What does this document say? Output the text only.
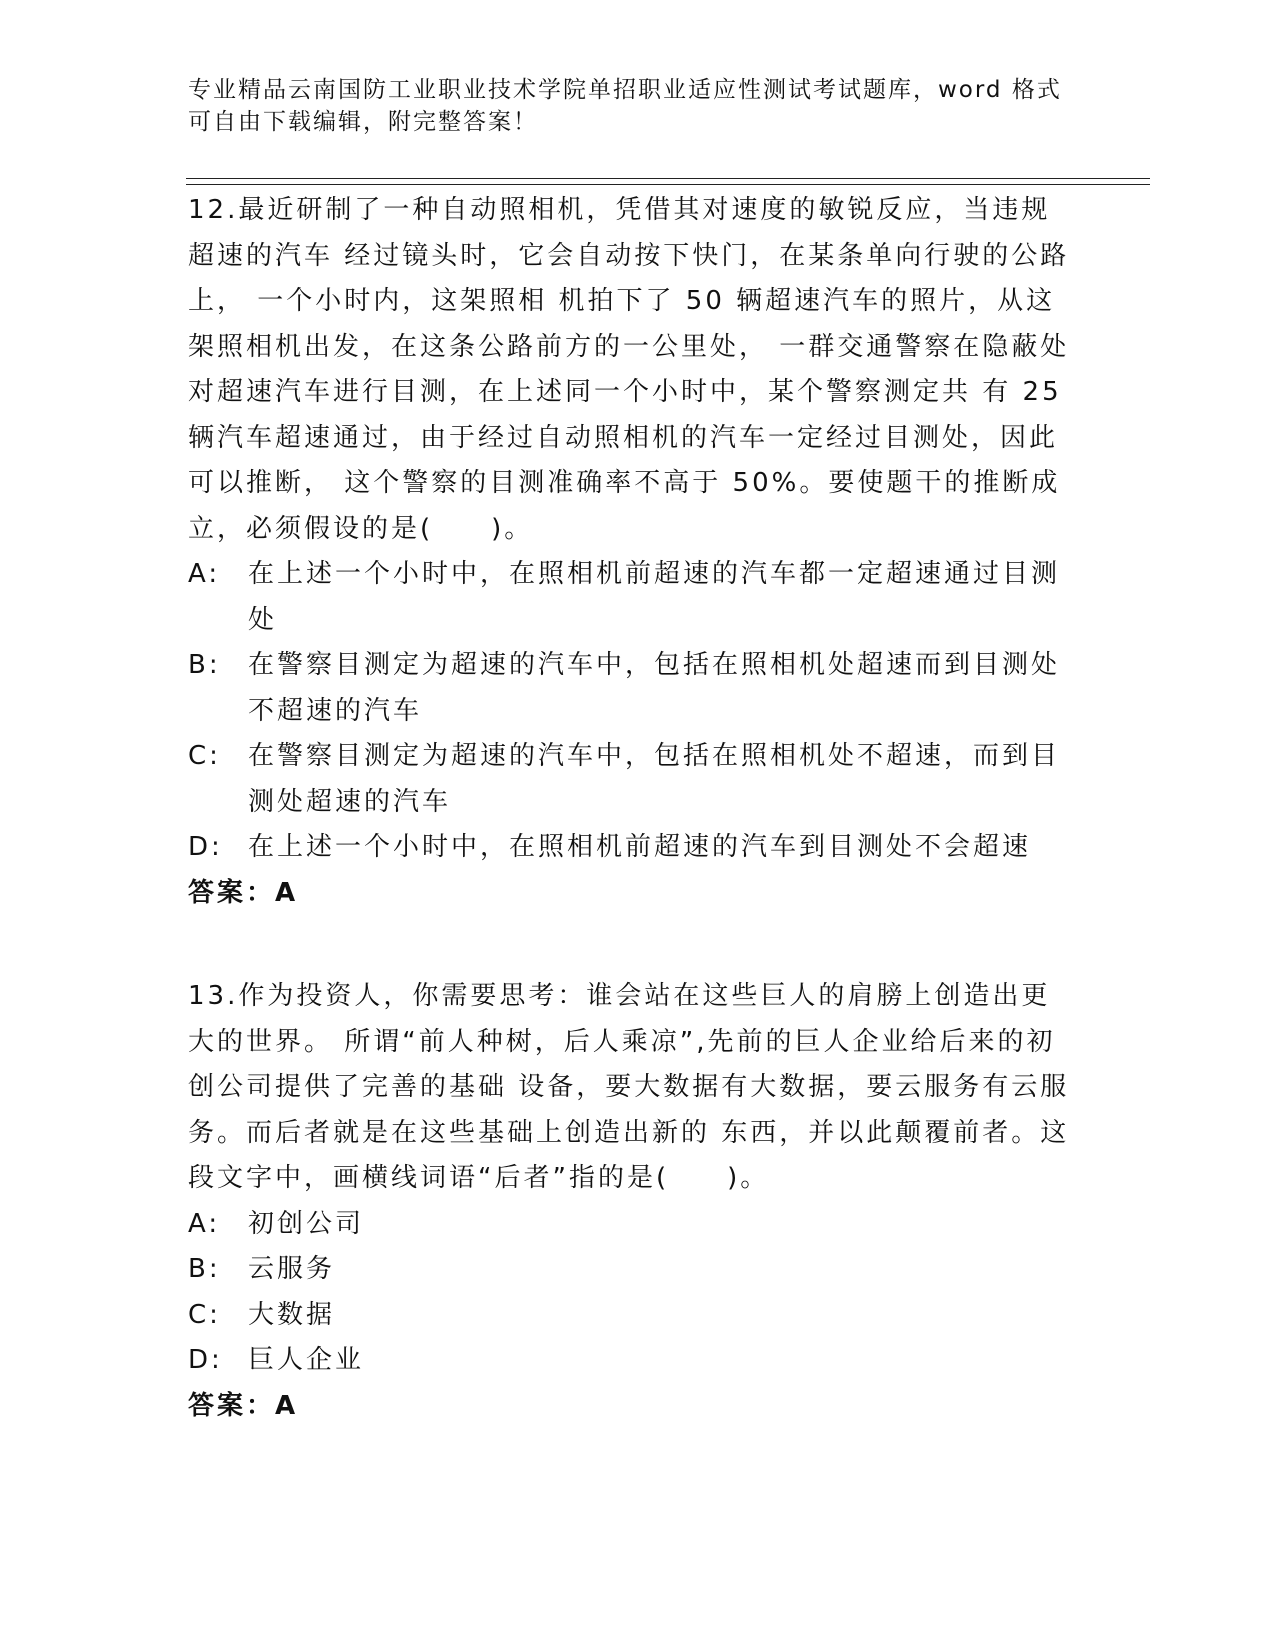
专业精品云南国防工业职业技术学院单招职业适应性测试考试题库，word 格式可自由下载编辑，附完整答案！

12.最近研制了一种自动照相机，凭借其对速度的敏锐反应，当违规超速的汽车 经过镜头时，它会自动按下快门，在某条单向行驶的公路上， 一个小时内，这架照相 机拍下了 50 辆超速汽车的照片，从这架照相机出发，在这条公路前方的一公里处， 一群交通警察在隐蔽处对超速汽车进行目测，在上述同一个小时中，某个警察测定共 有 25 辆汽车超速通过，由于经过自动照相机的汽车一定经过目测处，因此可以推断， 这个警察的目测准确率不高于 50%。要使题干的推断成立，必须假设的是(　　)。

A:	在上述一个小时中，在照相机前超速的汽车都一定超速通过目测处
B:	在警察目测定为超速的汽车中，包括在照相机处超速而到目测处不超速的汽车
C:	在警察目测定为超速的汽车中，包括在照相机处不超速，而到目测处超速的汽车
D: 在上述一个小时中，在照相机前超速的汽车到目测处不会超速

答案：A

13.作为投资人，你需要思考：谁会站在这些巨人的肩膀上创造出更大的世界。 所谓“前人种树，后人乘凉”,先前的巨人企业给后来的初创公司提供了完善的基础 设备，要大数据有大数据，要云服务有云服务。而后者就是在这些基础上创造出新的 东西，并以此颠覆前者。这段文字中，画横线词语“后者”指的是(　　)。

A:	初创公司
B:	云服务
C:	大数据
D: 巨人企业

答案：A
